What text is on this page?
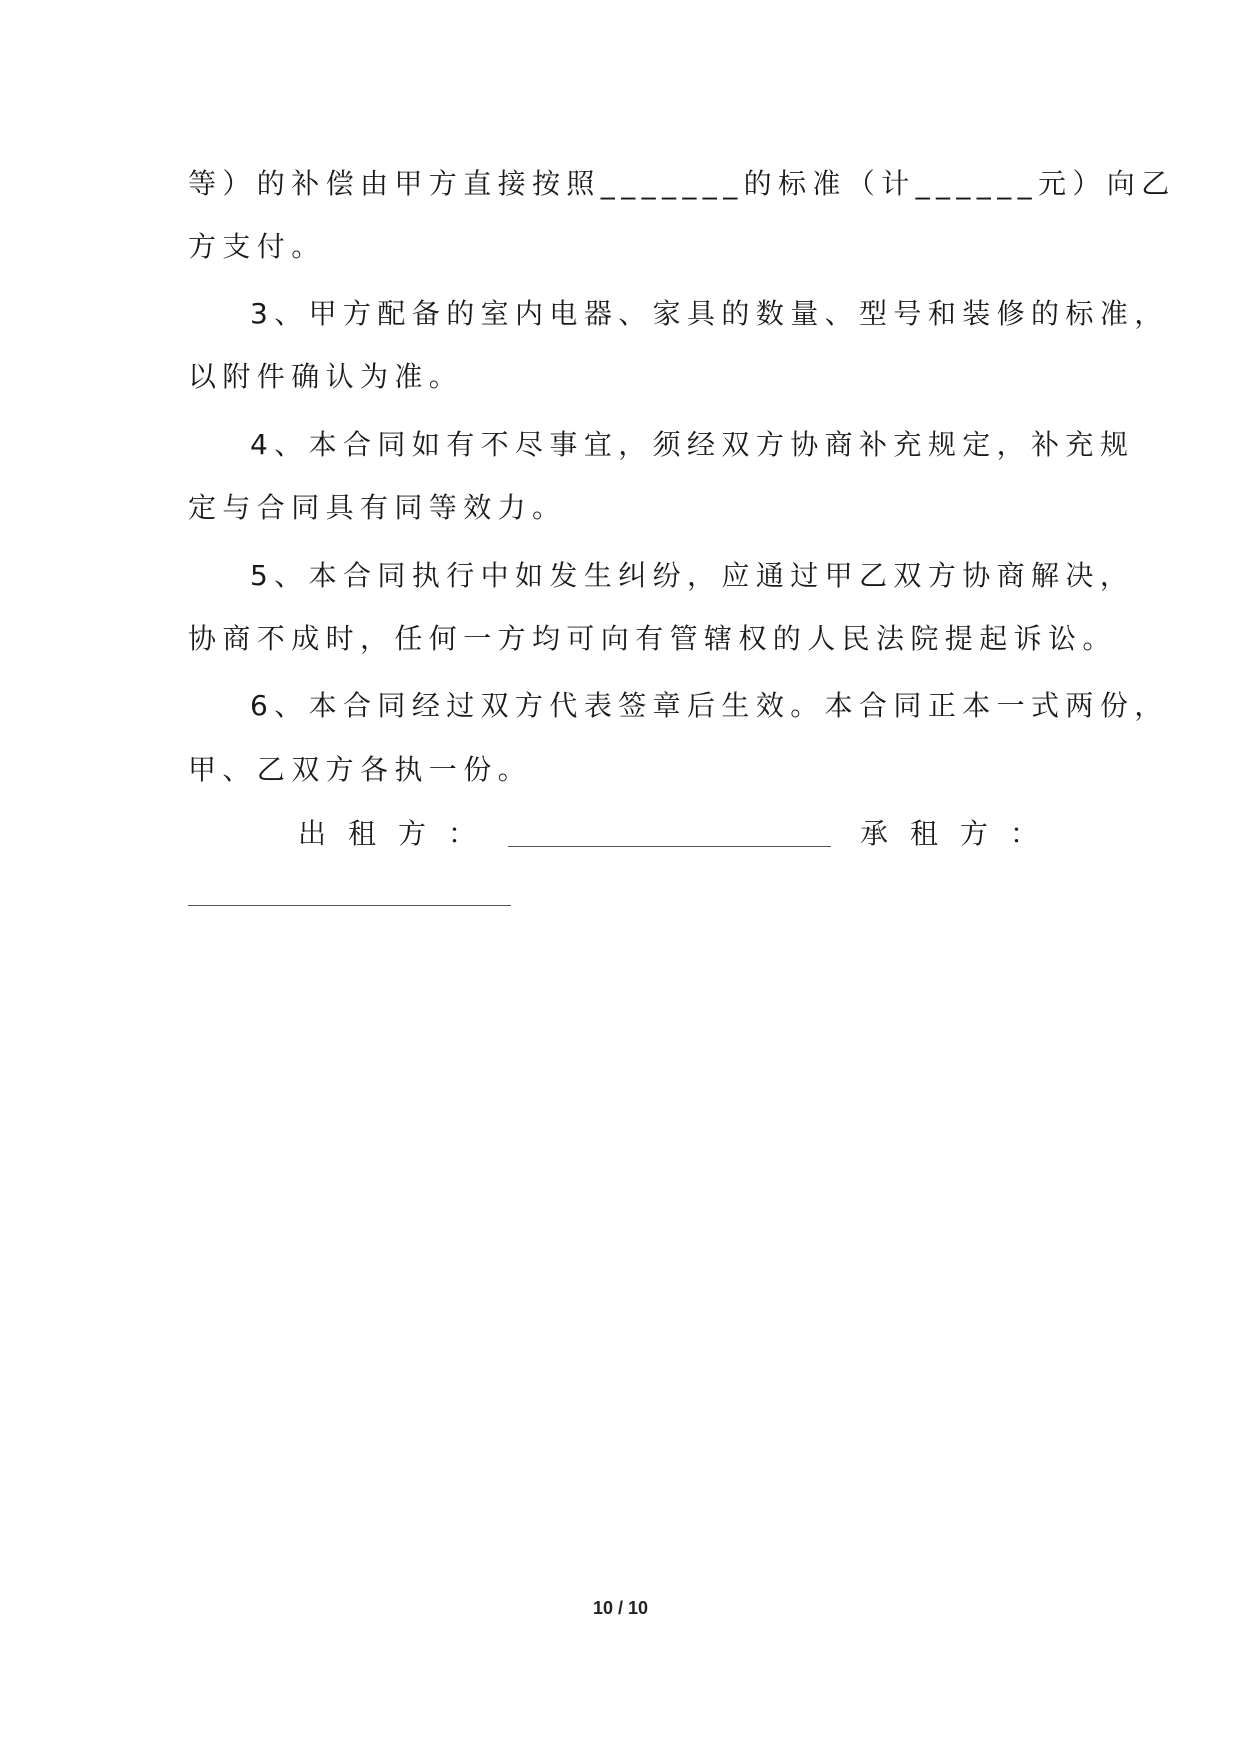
等）的补偿由甲方直接按照_______的标准（计______元）向乙
方支付。
3、甲方配备的室内电器、家具的数量、型号和装修的标准，
以附件确认为准。
4、本合同如有不尽事宜，须经双方协商补充规定，补充规
定与合同具有同等效力。
5、本合同执行中如发生纠纷，应通过甲乙双方协商解决，
协商不成时，任何一方均可向有管辖权的人民法院提起诉讼。
6、本合同经过双方代表签章后生效。本合同正本一式两份，
甲、乙双方各执一份。
出租方：	承租方：
10 / 10
